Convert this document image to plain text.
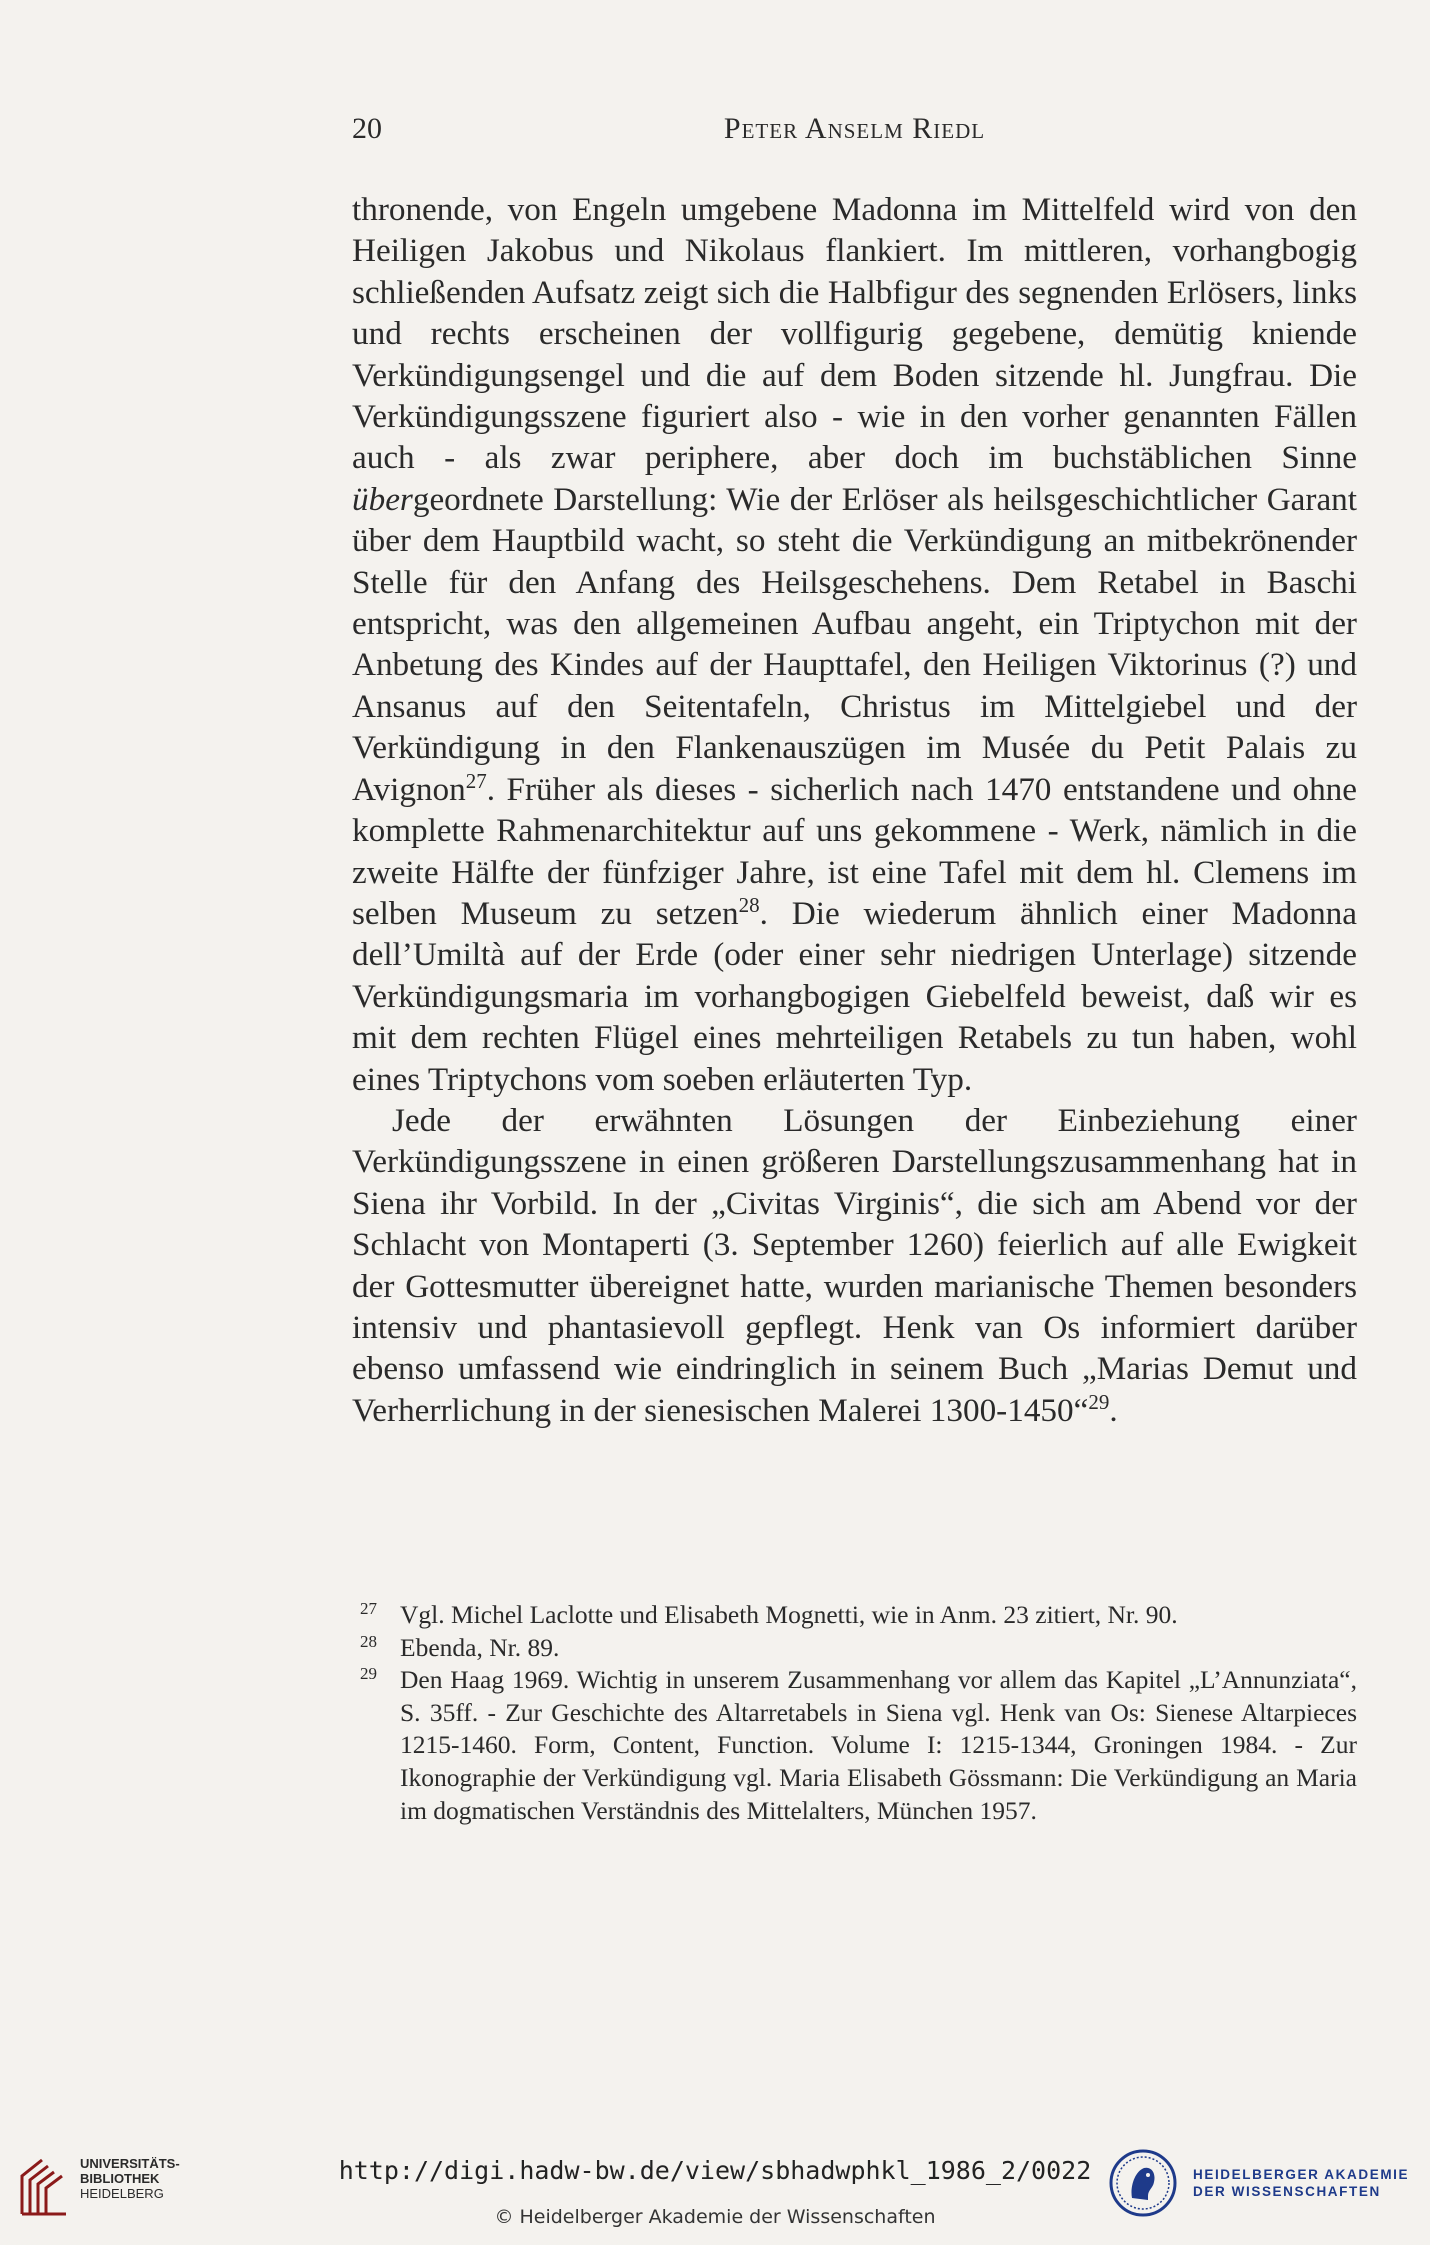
20	Peter Anselm Riedl

thronende, von Engeln umgebene Madonna im Mittelfeld wird von den Heiligen Jakobus und Nikolaus flankiert. Im mittleren, vorhangbogig schließenden Aufsatz zeigt sich die Halbfigur des segnenden Erlösers, links und rechts erscheinen der vollfigurig gegebene, demütig kniende Verkündigungsengel und die auf dem Boden sitzende hl. Jungfrau. Die Verkündigungsszene figuriert also - wie in den vorher genannten Fällen auch - als zwar periphere, aber doch im buchstäblichen Sinne übergeordnete Darstellung: Wie der Erlöser als heilsgeschichtlicher Garant über dem Hauptbild wacht, so steht die Verkündigung an mitbekrönender Stelle für den Anfang des Heilsgeschehens. Dem Retabel in Baschi entspricht, was den allgemeinen Aufbau angeht, ein Triptychon mit der Anbetung des Kindes auf der Haupttafel, den Heiligen Viktorinus (?) und Ansanus auf den Seitentafeln, Christus im Mittelgiebel und der Verkündigung in den Flankenauszügen im Musée du Petit Palais zu Avignon$^{27}$. Früher als dieses - sicherlich nach 1470 entstandene und ohne komplette Rahmenarchitektur auf uns gekommene - Werk, nämlich in die zweite Hälfte der fünfziger Jahre, ist eine Tafel mit dem hl. Clemens im selben Museum zu setzen$^{28}$. Die wiederum ähnlich einer Madonna dell’Umiltà auf der Erde (oder einer sehr niedrigen Unterlage) sitzende Verkündigungsmaria im vorhangbogigen Giebelfeld beweist, daß wir es mit dem rechten Flügel eines mehrteiligen Retabels zu tun haben, wohl eines Triptychons vom soeben erläuterten Typ.

Jede der erwähnten Lösungen der Einbeziehung einer Verkündigungsszene in einen größeren Darstellungszusammenhang hat in Siena ihr Vorbild. In der „Civitas Virginis“, die sich am Abend vor der Schlacht von Montaperti (3. September 1260) feierlich auf alle Ewigkeit der Gottesmutter übereignet hatte, wurden marianische Themen besonders intensiv und phantasievoll gepflegt. Henk van Os informiert darüber ebenso umfassend wie eindringlich in seinem Buch „Marias Demut und Verherrlichung in der sienesischen Malerei 1300-1450“$^{29}$.

27 Vgl. Michel Laclotte und Elisabeth Mognetti, wie in Anm. 23 zitiert, Nr. 90.

28 Ebenda, Nr. 89.

29 Den Haag 1969. Wichtig in unserem Zusammenhang vor allem das Kapitel „L’Annunziata“, S. 35ff. - Zur Geschichte des Altarretabels in Siena vgl. Henk van Os: Sienese Altarpieces 1215-1460. Form, Content, Function. Volume I: 1215-1344, Groningen 1984. - Zur Ikonographie der Verkündigung vgl. Maria Elisabeth Gössmann: Die Verkündigung an Maria im dogmatischen Verständnis des Mittelalters, München 1957.

UNIVERSITÄTS-
BIBLIOTHEK
HEIDELBERG
http://digi.hadw-bw.de/view/sbhadwphkl_1986_2/0022
© Heidelberger Akademie der Wissenschaften
HEIDELBERGER AKADEMIE
DER WISSENSCHAFTEN
